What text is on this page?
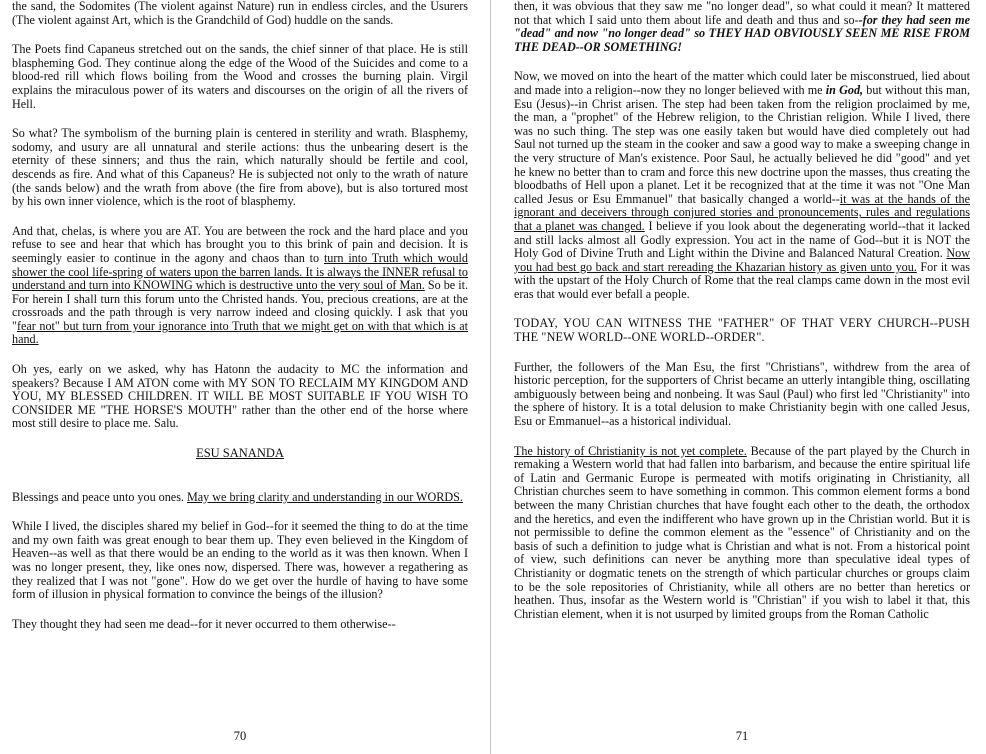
the sand, the Sodomites (The violent against Nature) run in endless circles, and the Usurers (The violent against Art, which is the Grandchild of God) huddle on the sands.

The Poets find Capaneus stretched out on the sands, the chief sinner of that place. He is still blaspheming God. They continue along the edge of the Wood of the Suicides and come to a blood-red rill which flows boiling from the Wood and crosses the burning plain. Virgil explains the miraculous power of its waters and discourses on the origin of all the rivers of Hell.

So what? The symbolism of the burning plain is centered in sterility and wrath. Blasphemy, sodomy, and usury are all unnatural and sterile actions: thus the unbearing desert is the eternity of these sinners; and thus the rain, which naturally should be fertile and cool, descends as fire. And what of this Capaneus? He is subjected not only to the wrath of nature (the sands below) and the wrath from above (the fire from above), but is also tortured most by his own inner violence, which is the root of blasphemy.

And that, chelas, is where you are AT. You are between the rock and the hard place and you refuse to see and hear that which has brought you to this brink of pain and decision. It is seemingly easier to continue in the agony and chaos than to turn into Truth which would shower the cool life-spring of waters upon the barren lands. It is always the INNER refusal to understand and turn into KNOWING which is destructive unto the very soul of Man. So be it. For herein I shall turn this forum unto the Christed hands. You, precious creations, are at the crossroads and the path through is very narrow indeed and closing quickly. I ask that you "fear not" but turn from your ignorance into Truth that we might get on with that which is at hand.

Oh yes, early on we asked, why has Hatonn the audacity to MC the information and speakers? Because I AM ATON come with MY SON TO RECLAIM MY KINGDOM AND YOU, MY BLESSED CHILDREN. IT WILL BE MOST SUITABLE IF YOU WISH TO CONSIDER ME "THE HORSE'S MOUTH" rather than the other end of the horse where most still desire to place me. Salu.

ESU SANANDA

Blessings and peace unto you ones. May we bring clarity and understanding in our WORDS.

While I lived, the disciples shared my belief in God--for it seemed the thing to do at the time and my own faith was great enough to bear them up. They even believed in the Kingdom of Heaven--as well as that there would be an ending to the world as it was then known. When I was no longer present, they, like ones now, dispersed. There was, however a regathering as they realized that I was not "gone". How do we get over the hurdle of having to have some form of illusion in physical formation to convince the beings of the illusion?

They thought they had seen me dead--for it never occurred to them otherwise--

70

then, it was obvious that they saw me "no longer dead", so what could it mean? It mattered not that which I said unto them about life and death and thus and so--for they had seen me "dead" and now "no longer dead" so THEY HAD OBVIOUSLY SEEN ME RISE FROM THE DEAD--OR SOMETHING!

Now, we moved on into the heart of the matter which could later be misconstrued, lied about and made into a religion--now they no longer believed with me in God, but without this man, Esu (Jesus)--in Christ arisen. The step had been taken from the religion proclaimed by me, the man, a "prophet" of the Hebrew religion, to the Christian religion. While I lived, there was no such thing. The step was one easily taken but would have died completely out had Saul not turned up the steam in the cooker and saw a good way to make a sweeping change in the very structure of Man's existence. Poor Saul, he actually believed he did "good" and yet he knew no better than to cram and force this new doctrine upon the masses, thus creating the bloodbaths of Hell upon a planet. Let it be recognized that at the time it was not "One Man called Jesus or Esu Emmanuel" that basically changed a world--it was at the hands of the ignorant and deceivers through conjured stories and pronouncements, rules and regulations that a planet was changed. I believe if you look about the degenerating world--that it lacked and still lacks almost all Godly expression. You act in the name of God--but it is NOT the Holy God of Divine Truth and Light within the Divine and Balanced Natural Creation. Now you had best go back and start rereading the Khazarian history as given unto you. For it was with the upstart of the Holy Church of Rome that the real clamps came down in the most evil eras that would ever befall a people.

TODAY, YOU CAN WITNESS THE "FATHER" OF THAT VERY CHURCH--PUSH THE "NEW WORLD--ONE WORLD--ORDER".

Further, the followers of the Man Esu, the first "Christians", withdrew from the area of historic perception, for the supporters of Christ became an utterly intangible thing, oscillating ambiguously between being and nonbeing. It was Saul (Paul) who first led "Christianity" into the sphere of history. It is a total delusion to make Christianity begin with one called Jesus, Esu or Emmanuel--as a historical individual.

The history of Christianity is not yet complete. Because of the part played by the Church in remaking a Western world that had fallen into barbarism, and because the entire spiritual life of Latin and Germanic Europe is permeated with motifs originating in Christianity, all Christian churches seem to have something in common. This common element forms a bond between the many Christian churches that have fought each other to the death, the orthodox and the heretics, and even the indifferent who have grown up in the Christian world. But it is not permissible to define the common element as the "essence" of Christianity and on the basis of such a definition to judge what is Christian and what is not. From a historical point of view, such definitions can never be anything more than speculative ideal types of Christianity or dogmatic tenets on the strength of which particular churches or groups claim to be the sole repositories of Christianity, while all others are no better than heretics or heathen. Thus, insofar as the Western world is "Christian" if you wish to label it that, this Christian element, when it is not usurped by limited groups from the Roman Catholic

71
